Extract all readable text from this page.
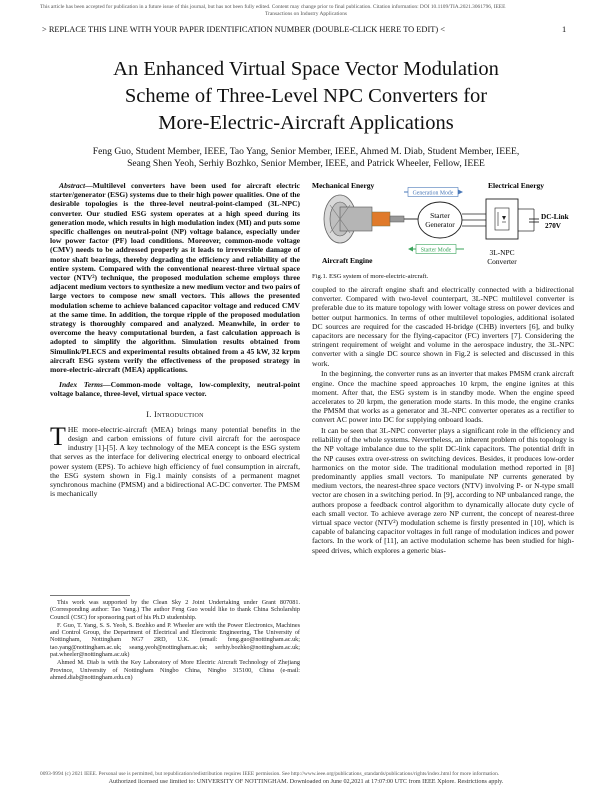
This article has been accepted for publication in a future issue of this journal, but has not been fully edited. Content may change prior to final publication. Citation information: DOI 10.1109/TIA.2021.3061796, IEEE
Transactions on Industry Applications
> REPLACE THIS LINE WITH YOUR PAPER IDENTIFICATION NUMBER (DOUBLE-CLICK HERE TO EDIT) <	1
An Enhanced Virtual Space Vector Modulation
Scheme of Three-Level NPC Converters for
More-Electric-Aircraft Applications
Feng Guo, Student Member, IEEE, Tao Yang, Senior Member, IEEE, Ahmed M. Diab, Student Member, IEEE,
Seang Shen Yeoh, Serhiy Bozhko, Senior Member, IEEE, and Patrick Wheeler, Fellow, IEEE

Abstract—Multilevel converters have been used for aircraft electric starter/generator (ESG) systems due to their high power qualities. One of the desirable topologies is the three-level neutral-point-clamped (3L-NPC) converter. Our studied ESG system operates at a high speed during its generation mode, which results in high modulation index (MI) and puts some specific challenges on neutral-point (NP) voltage balance, especially under low power factor (PF) load conditions. Moreover, common-mode voltage (CMV) needs to be addressed properly as it leads to irreversible damage of motor shaft bearings, thereby degrading the efficiency and reliability of the entire system. Compared with the conventional nearest-three virtual space vector (NTV²) technique, the proposed modulation scheme employs three adjacent medium vectors to synthesize a new medium vector and two pairs of large vectors to compose new small vectors. This allows the presented modulation scheme to achieve balanced capacitor voltage and reduced CMV at the same time. In addition, the torque ripple of the proposed modulation strategy is thoroughly compared and analyzed. Meanwhile, in order to overcome the heavy computational burden, a fast calculation approach is adopted to simplify the algorithm. Simulation results obtained from Simulink/PLECS and experimental results obtained from a 45 kW, 32 krpm aircraft ESG system verify the effectiveness of the proposed strategy in more-electric-aircraft (MEA) applications.

Index Terms—Common-mode voltage, low-complexity, neutral-point voltage balance, three-level, virtual space vector.

I. Introduction

THE more-electric-aircraft (MEA) brings many potential benefits in the design and carbon emissions of future civil aircraft for the aerospace industry [1]-[5]. A key technology of the MEA concept is the ESG system that serves as the interface for delivering electrical energy to onboard electrical power system (EPS). To achieve high efficiency of fuel consumption in aircraft, the ESG system shown in Fig.1 mainly consists of a permanent magnet synchronous machine (PMSM) and a bidirectional AC-DC converter. The PMSM is mechanically

This work was supported by the Clean Sky 2 Joint Undertaking under Grant 807081. (Corresponding author: Tao Yang.) The author Feng Guo would like to thank China Scholarship Council (CSC) for sponsoring part of his Ph.D studentship.

F. Guo, T. Yang, S. S. Yeoh, S. Bozhko and P. Wheeler are with the Power Electronics, Machines and Control Group, the Department of Electrical and Electronic Engineering, The University of Nottingham, Nottingham NG7 2RD, U.K. (email: feng.guo@nottingham.ac.uk; tao.yang@nottingham.ac.uk; seang.yeoh@nottingham.ac.uk; serhiy.bozhko@nottingham.ac.uk; pat.wheeler@nottingham.ac.uk)

Ahmed M. Diab is with the Key Laboratory of More Electric Aircraft Technology of Zhejiang Province, University of Nottingham Ningbo China, Ningbo 315100, China (e-mail: ahmed.diab@nottingham.edu.cn)

Mechanical Energy	Electrical Energy
Aircraft Engine
Generation Mode
Starter Mode
Starter
Generator
3L-NPC
Converter
DC-Link
270V
Fig.1. ESG system of more-electric-aircraft.

coupled to the aircraft engine shaft and electrically connected with a bidirectional converter. Compared with two-level counterpart, 3L-NPC multilevel converter is preferable due to its mature topology with lower voltage stress on power devices and better output harmonics. In terms of other multilevel topologies, additional isolated DC sources are required for the cascaded H-bridge (CHB) inverters [6], and bulky capacitors are necessary for the flying-capacitor (FC) inverters [7]. Considering the stringent requirement of weight and volume in the aerospace industry, the 3L-NPC converter with a single DC source shown in Fig.2 is selected and discussed in this work.

In the beginning, the converter runs as an inverter that makes PMSM crank aircraft engine. Once the machine speed approaches 10 krpm, the engine ignites at this moment. After that, the ESG system is in standby mode. When the engine speed accelerates to 20 krpm, the generation mode starts. In this mode, the engine cranks the PMSM that works as a generator and 3L-NPC converter operates as a rectifier to convert AC power into DC for supplying onboard loads.

It can be seen that 3L-NPC converter plays a significant role in the efficiency and reliability of the whole systems. Nevertheless, an inherent problem of this topology is the NP voltage imbalance due to the split DC-link capacitors. The potential drift in the NP causes extra over-stress on switching devices. Besides, it produces low-order harmonics on the motor side. The traditional modulation method reported in [8] predominantly applies small vectors. To manipulate NP currents generated by medium vectors, the nearest-three space vectors (NTV) involving P- or N-type small vector are chosen in a switching period. In [9], according to NP unbalanced range, the authors propose a feedback control algorithm to dynamically allocate duty cycle of each small vector. To achieve average zero NP current, the concept of nearest-three virtual space vector (NTV²) modulation scheme is firstly presented in [10], which is capable of balancing capacitor voltages in full range of modulation indices and power factors. In the work of [11], an active modulation scheme has been studied for high-speed drives, which explores a generic bias-

0093-9994 (c) 2021 IEEE. Personal use is permitted, but republication/redistribution requires IEEE permission. See http://www.ieee.org/publications_standards/publications/rights/index.html for more information.
Authorized licensed use limited to: UNIVERSITY OF NOTTINGHAM. Downloaded on June 02,2021 at 17:07:00 UTC from IEEE Xplore. Restrictions apply.
